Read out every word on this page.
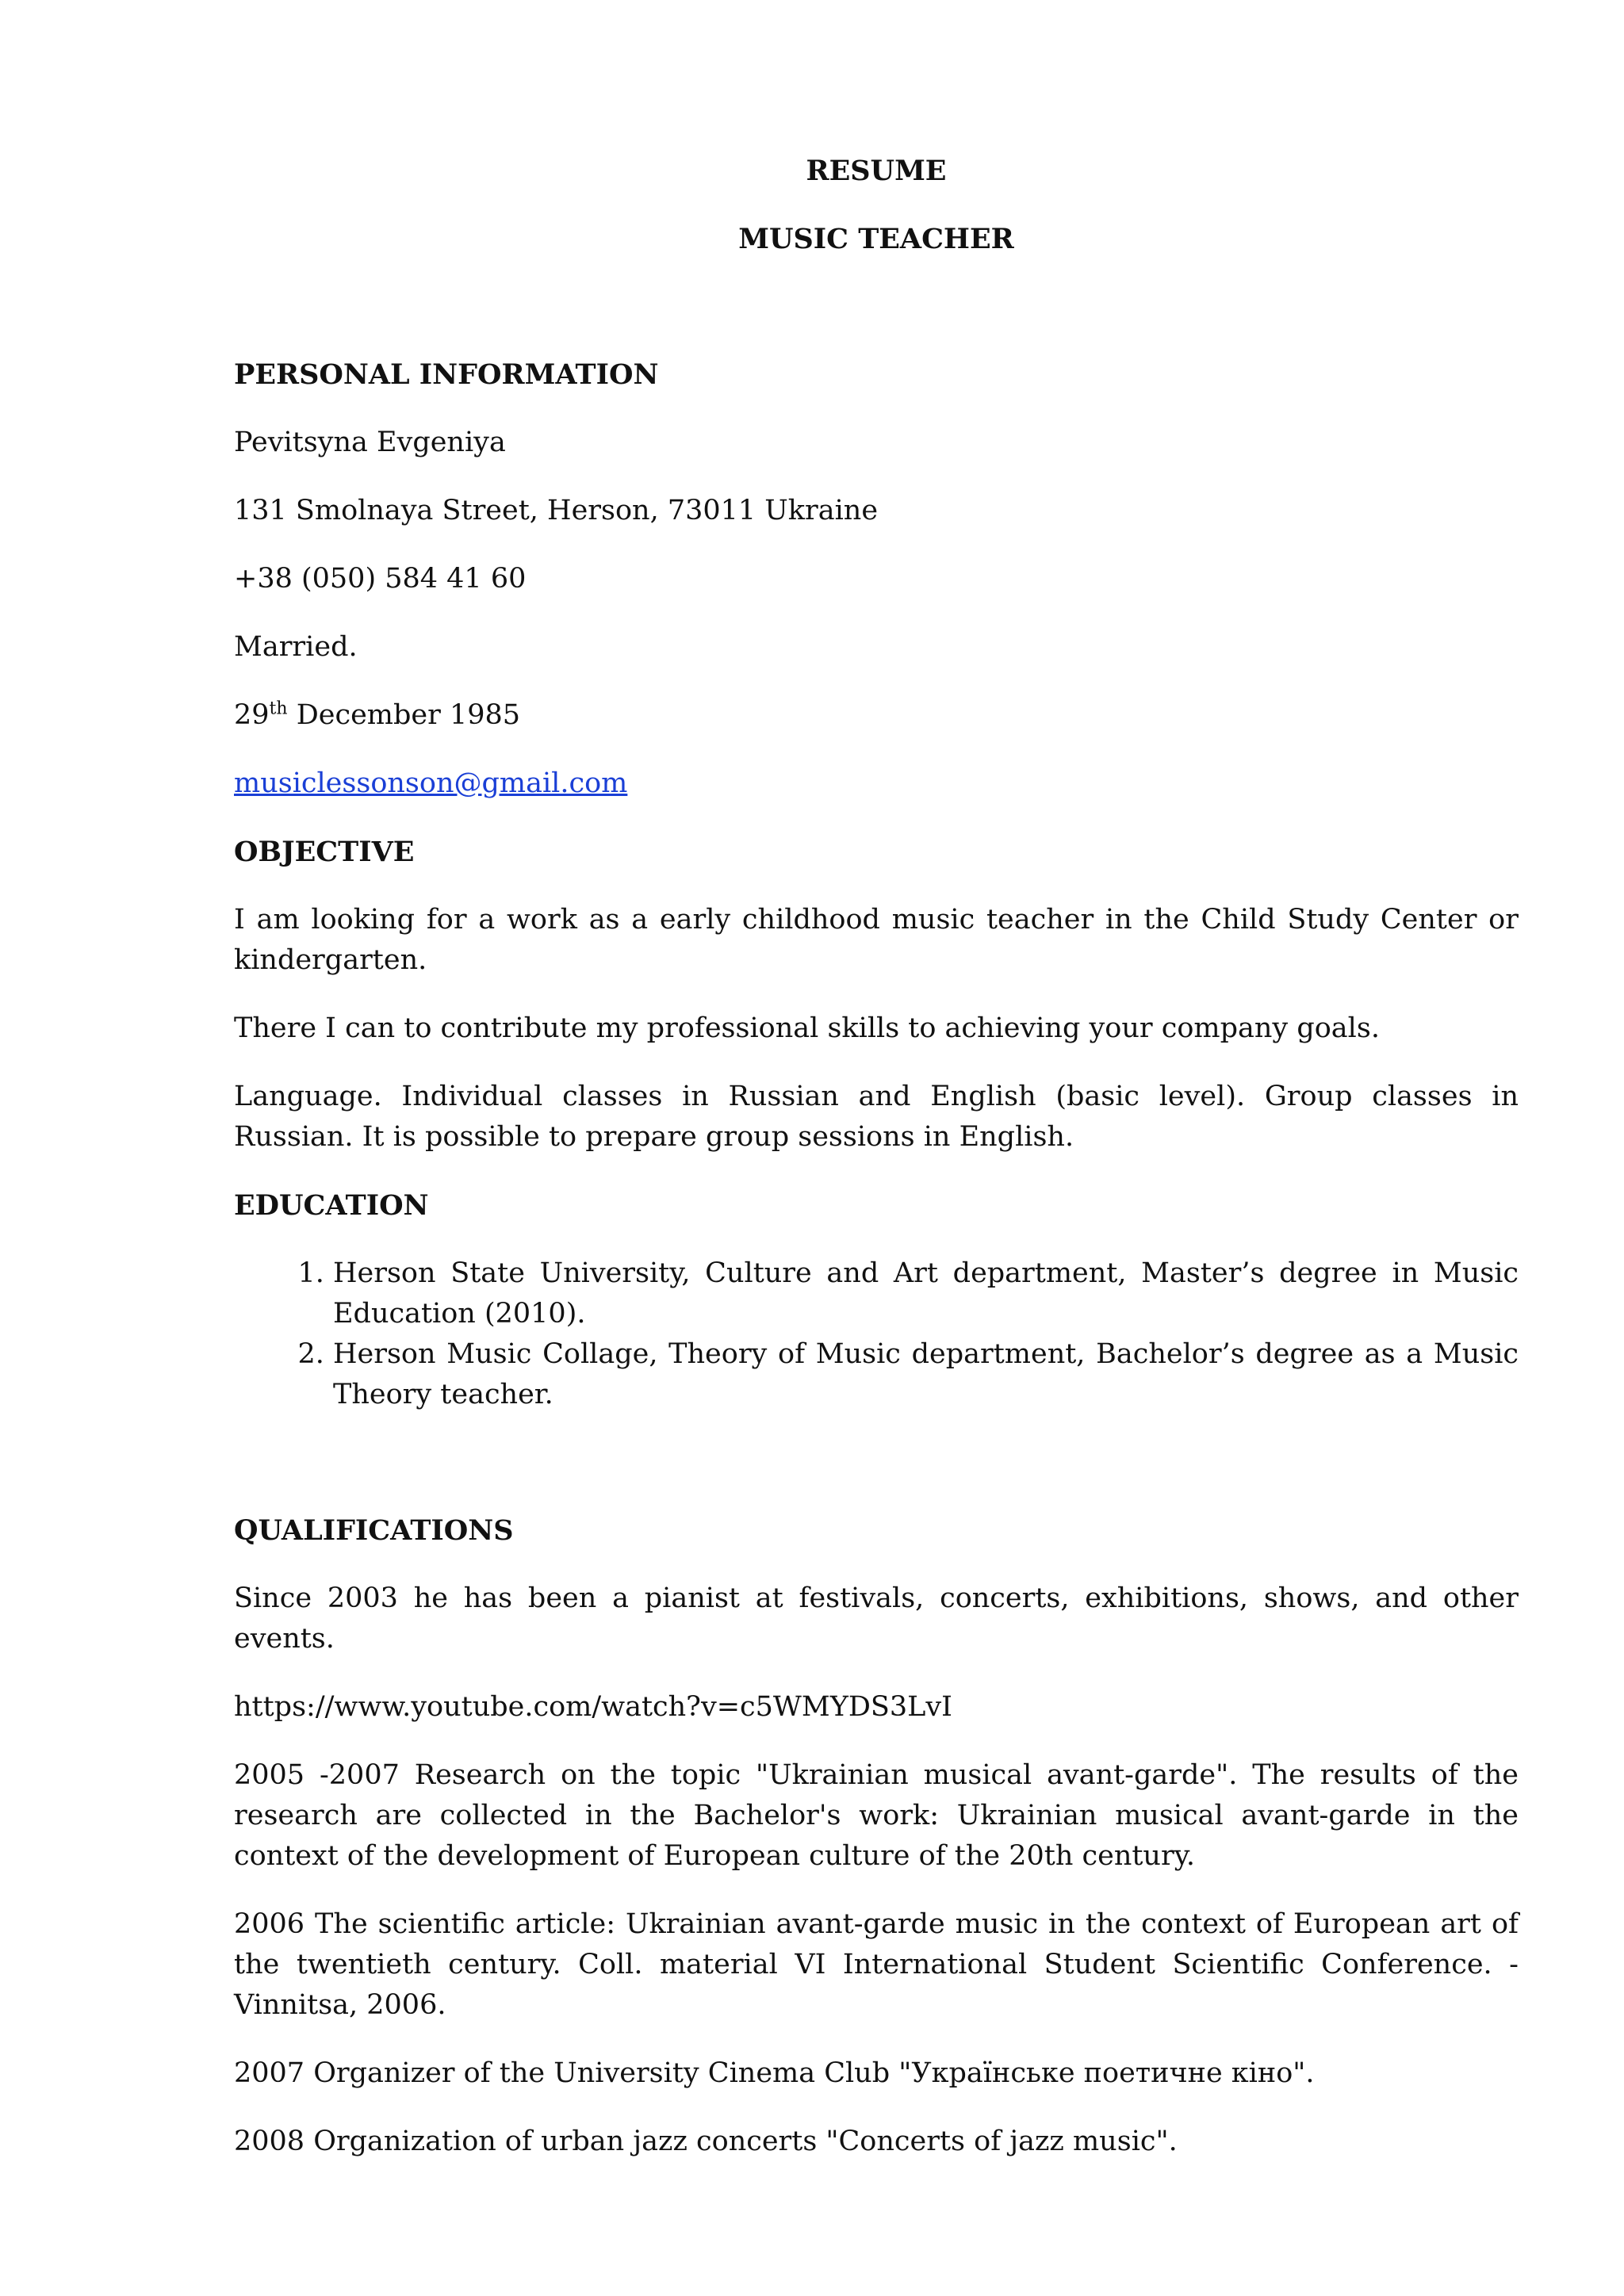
RESUME

MUSIC TEACHER

PERSONAL INFORMATION

Pevitsyna Evgeniya

131 Smolnaya Street, Herson, 73011 Ukraine

+38 (050) 584 41 60

Married.

29th December 1985

musiclessonson@gmail.com

OBJECTIVE

I am looking for a work as a early childhood music teacher in the Child Study Center or kindergarten.

There I can to contribute my professional skills to achieving your company goals.

Language. Individual classes in Russian and English (basic level). Group classes in Russian. It is possible to prepare group sessions in English.

EDUCATION

1. Herson State University, Culture and Art department, Master’s degree in Music Education (2010).
2. Herson Music Collage, Theory of Music department, Bachelor’s degree as a Music Theory teacher.

QUALIFICATIONS

Since 2003 he has been a pianist at festivals, concerts, exhibitions, shows, and other events.

https://www.youtube.com/watch?v=c5WMYDS3LvI

2005 -2007 Research on the topic "Ukrainian musical avant-garde". The results of the research are collected in the Bachelor's work: Ukrainian musical avant-garde in the context of the development of European culture of the 20th century.

2006 The scientific article: Ukrainian avant-garde music in the context of European art of the twentieth century. Coll. material VI International Student Scientific Conference. - Vinnitsa, 2006.

2007 Organizer of the University Cinema Club "Українське поетичне кіно".

2008 Organization of urban jazz concerts "Concerts of jazz music".
